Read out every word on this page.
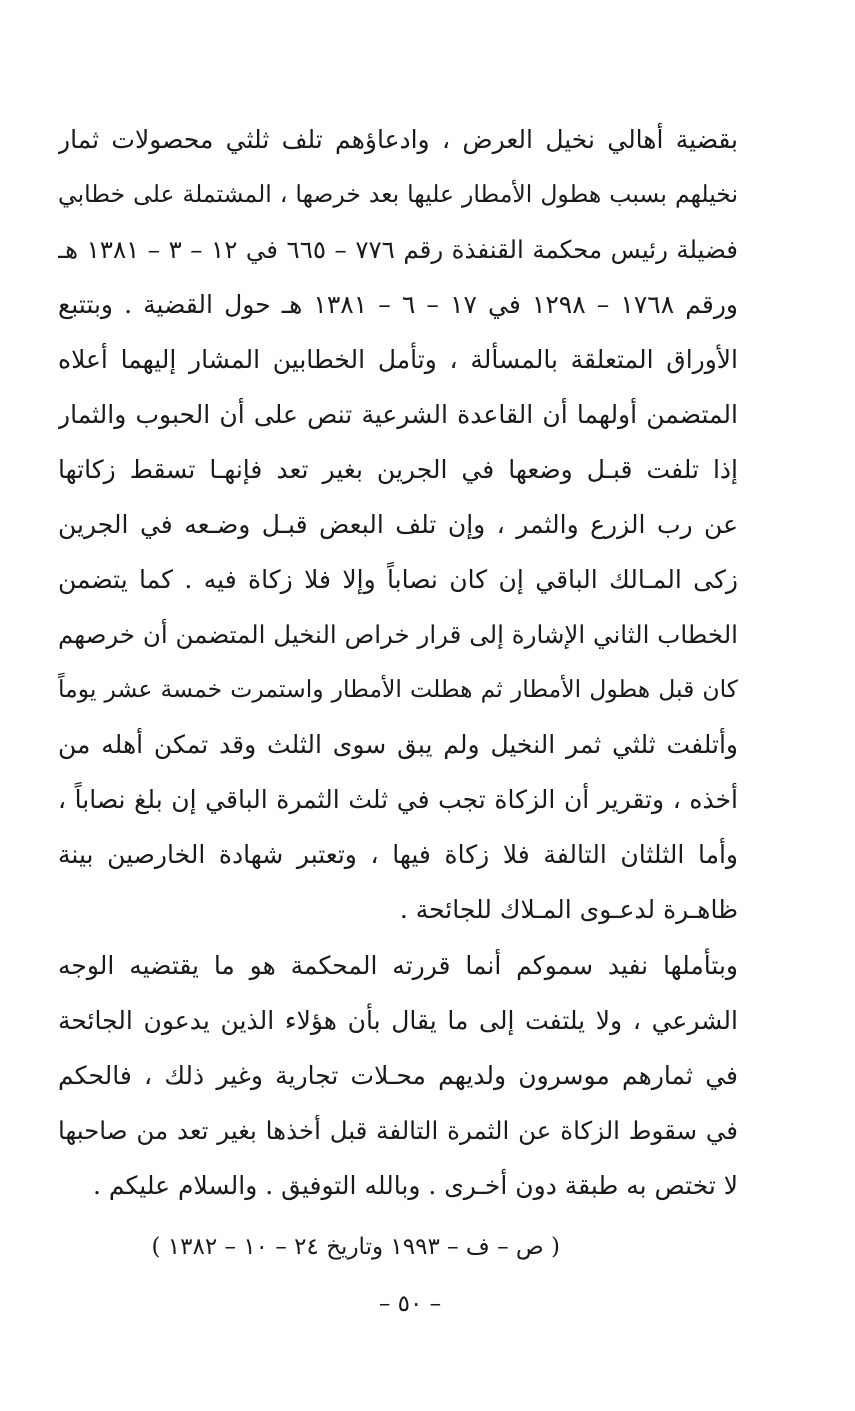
بقضية أهالي نخيل العرض ، وادعاؤهم تلف ثلثي محصولات ثمار
نخيلهم بسبب هطول الأمطار عليها بعد خرصها ، المشتملة على خطابي
فضيلة رئيس محكمة القنفذة رقم ٧٧٦ – ٦٦٥ في ١٢ – ٣ – ١٣٨١ هـ
ورقم ١٧٦٨ – ١٢٩٨ في ١٧ – ٦ – ١٣٨١ هـ حول القضية . وبتتبع
الأوراق المتعلقة بالمسألة ، وتأمل الخطابين المشار إليهما أعلاه
المتضمن أولهما أن القاعدة الشرعية تنص على أن الحبوب والثمار
إذا تلفت قبـل وضعها في الجرين بغير تعد فإنهـا تسقط زكاتها
عن رب الزرع والثمر ، وإن تلف البعض قبـل وضـعه في الجرين
زكى المـالك الباقي إن كان نصاباً وإلا فلا زكاة فيه . كما يتضمن
الخطاب الثاني الإشارة إلى قرار خراص النخيل المتضمن أن خرصهم
كان قبل هطول الأمطار ثم هطلت الأمطار واستمرت خمسة عشر يوماً
وأتلفت ثلثي ثمر النخيل ولم يبق سوى الثلث وقد تمكن أهله من
أخذه ، وتقرير أن الزكاة تجب في ثلث الثمرة الباقي إن بلغ نصاباً ،
وأما الثلثان التالفة فلا زكاة فيها ، وتعتبر شهادة الخارصين بينة
ظاهـرة لدعـوى المـلاك للجائحة .
وبتأملها نفيد سموكم أنما قررته المحكمة هو ما يقتضيه الوجه
الشرعي ، ولا يلتفت إلى ما يقال بأن هؤلاء الذين يدعون الجائحة
في ثمارهم موسرون ولديهم محـلات تجارية وغير ذلك ، فالحكم
في سقوط الزكاة عن الثمرة التالفة قبل أخذها بغير تعد من صاحبها
لا تختص به طبقة دون أخـرى . وبالله التوفيق . والسلام عليكم .
( ص – ف – ١٩٩٣ وتاريخ ٢٤ – ١٠ – ١٣٨٢ )
– ٥٠ –
